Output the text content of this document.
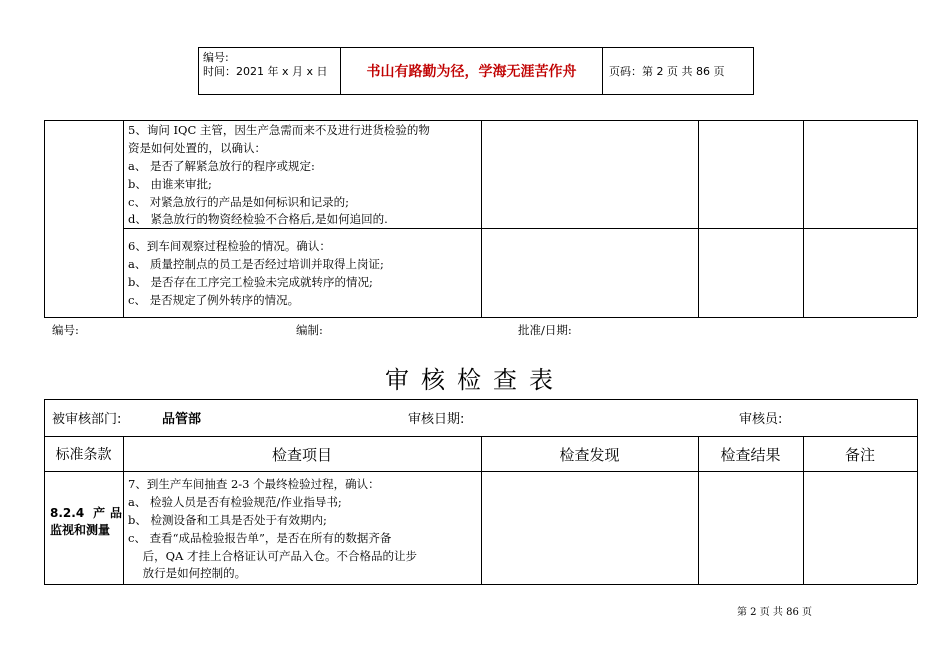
编号:
时间：2021 年 x 月 x 日	书山有路勤为径，学海无涯苦作舟	页码：第 2 页 共 86 页
5、询问 IQC 主管，因生产急需而来不及进行进货检验的物
资是如何处置的，以确认：
a、 是否了解紧急放行的程序或规定:
b、 由谁来审批;
c、 对紧急放行的产品是如何标识和记录的;
d、 紧急放行的物资经检验不合格后,是如何追回的.
6、到车间观察过程检验的情况。确认：
a、 质量控制点的员工是否经过培训并取得上岗证;
b、 是否存在工序完工检验未完成就转序的情况;
c、 是否规定了例外转序的情况。
编号:	编制:	批准/日期:
审核检查表
被审核部门:	品管部	审核日期:	审核员:
标准条款	检查项目	检查发现	检查结果	备注
8.2.4 产品监视和测量
7、到生产车间抽查 2-3 个最终检验过程，确认：
a、 检验人员是否有检验规范/作业指导书;
b、 检测设备和工具是否处于有效期内;
c、 查看“成品检验报告单”，是否在所有的数据齐备
后，QA 才挂上合格证认可产品入仓。不合格品的让步
放行是如何控制的。
第 2 页 共 86 页
